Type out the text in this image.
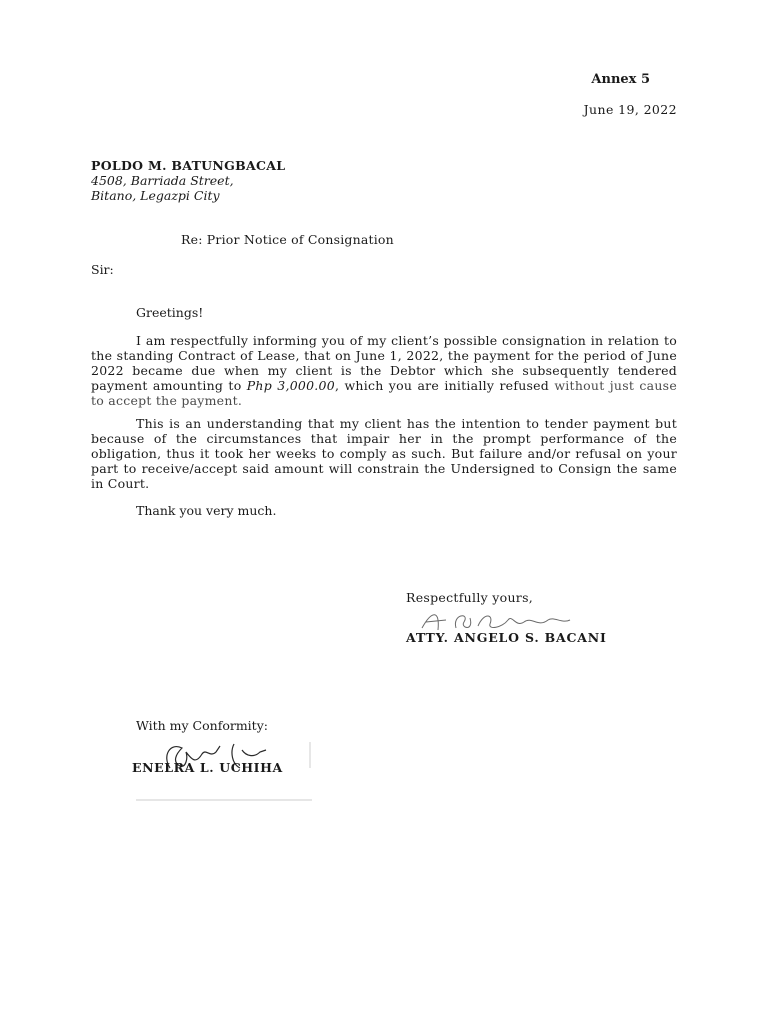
Annex 5
June 19, 2022
POLDO M. BATUNGBACAL
4508, Barriada Street,
Bitano, Legazpi City
Re: Prior Notice of Consignation
Sir:
Greetings!

I am respectfully informing you of my client’s possible consignation in relation to the standing Contract of Lease, that on June 1, 2022, the payment for the period of June 2022 became due when my client is the Debtor which she subsequently tendered payment amounting to Php 3,000.00, which you are initially refused without just cause to accept the payment.

This is an understanding that my client has the intention to tender payment but because of the circumstances that impair her in the prompt performance of the obligation, thus it took her weeks to comply as such. But failure and/or refusal on your part to receive/accept said amount will constrain the Undersigned to Consign the same in Court.

Thank you very much.
Respectfully yours,
ATTY. ANGELO S. BACANI
With my Conformity:
ENELRA L. UCHIHA
